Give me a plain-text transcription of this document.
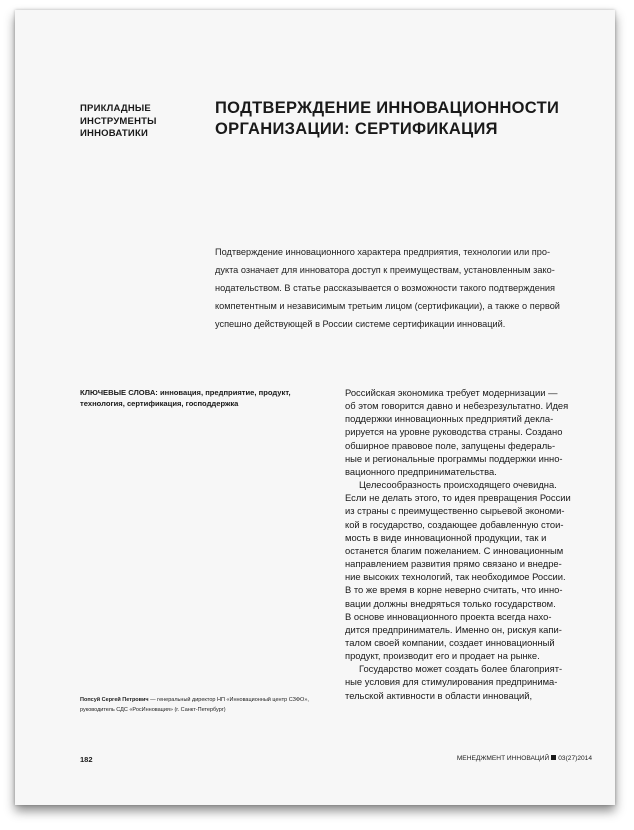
ПРИКЛАДНЫЕ
ИНСТРУМЕНТЫ
ИННОВАТИКИ
ПОДТВЕРЖДЕНИЕ ИННОВАЦИОННОСТИ
ОРГАНИЗАЦИИ: СЕРТИФИКАЦИЯ
Подтверждение инновационного характера предприятия, технологии или про-
дукта означает для инноватора доступ к преимуществам, установленным зако-
нодательством. В статье рассказывается о возможности такого подтверждения
компетентным и независимым третьим лицом (сертификации), а также о первой
успешно действующей в России системе сертификации инноваций.
КЛЮЧЕВЫЕ СЛОВА: инновация, предприятие, продукт,
технология, сертификация, господдержка
Попсуй Сергей Петрович — генеральный директор НП «Инновационный центр СЗФО»,
руководитель СДС «РосИнновация» (г. Санкт-Петербург)
Российская экономика требует модернизации —
об этом говорится давно и небезрезультатно. Идея
поддержки инновационных предприятий декла-
рируется на уровне руководства страны. Создано
обширное правовое поле, запущены федераль-
ные и региональные программы поддержки инно-
вационного предпринимательства.
Целесообразность происходящего очевидна.
Если не делать этого, то идея превращения России
из страны с преимущественно сырьевой экономи-
кой в государство, создающее добавленную стои-
мость в виде инновационной продукции, так и
останется благим пожеланием. С инновационным
направлением развития прямо связано и внедре-
ние высоких технологий, так необходимое России.
В то же время в корне неверно считать, что инно-
вации должны внедряться только государством.
В основе инновационного проекта всегда нахо-
дится предприниматель. Именно он, рискуя капи-
талом своей компании, создает инновационный
продукт, производит его и продает на рынке.
Государство может создать более благоприят-
ные условия для стимулирования предпринима-
тельской активности в области инноваций,
182	МЕНЕДЖМЕНТ ИННОВАЦИЙ 03(27)2014
